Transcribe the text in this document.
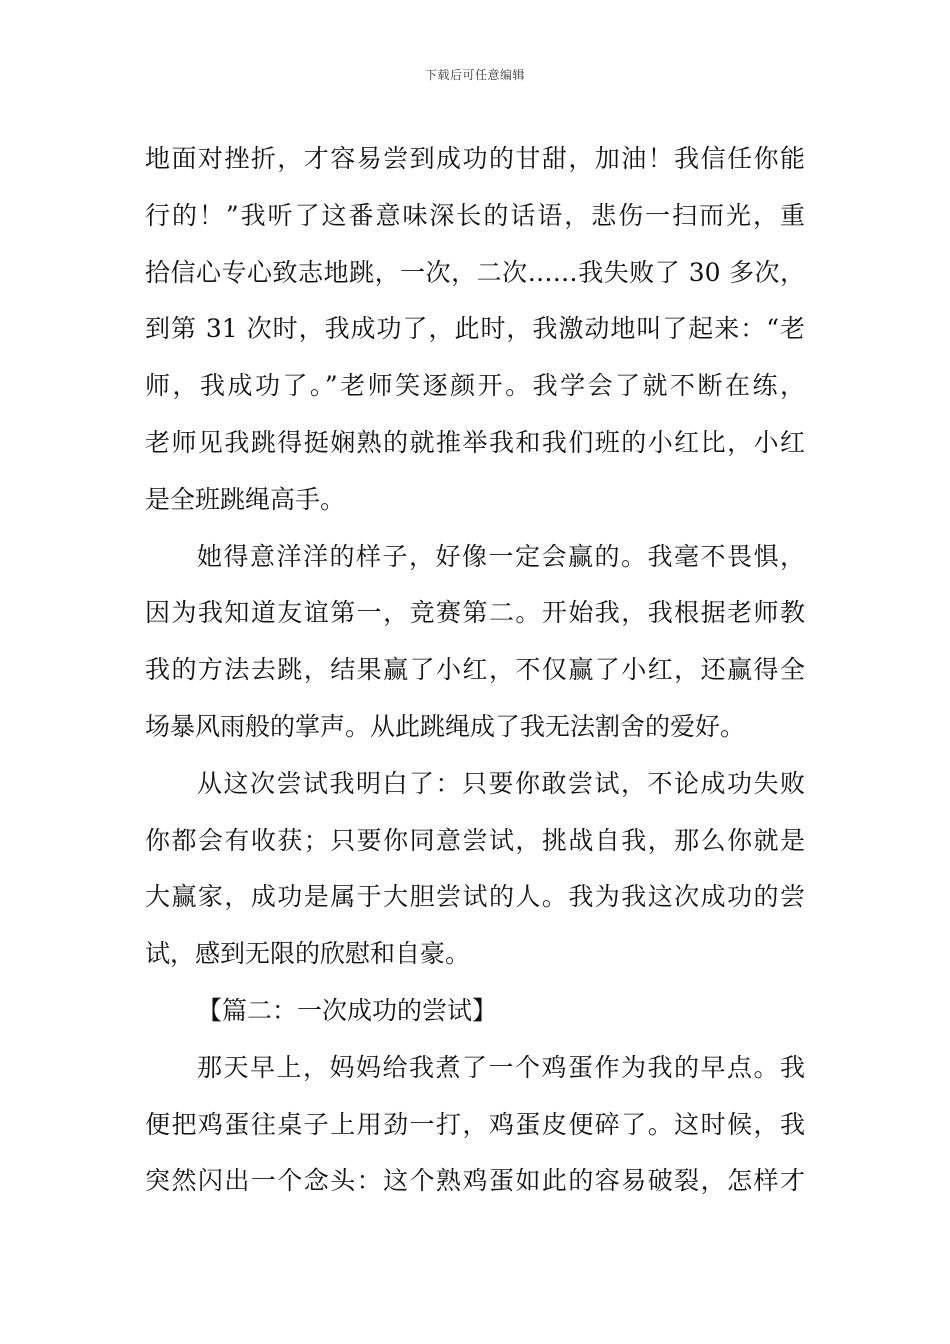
下载后可任意编辑
地面对挫折，才容易尝到成功的甘甜，加油！我信任你能
行的！”我听了这番意味深长的话语，悲伤一扫而光，重
拾信心专心致志地跳，一次，二次……我失败了 30 多次，
到第 31 次时，我成功了，此时，我激动地叫了起来：“老
师，我成功了。”老师笑逐颜开。我学会了就不断在练，
老师见我跳得挺娴熟的就推举我和我们班的小红比，小红
是全班跳绳高手。
她得意洋洋的样子，好像一定会赢的。我毫不畏惧，
因为我知道友谊第一，竞赛第二。开始我，我根据老师教
我的方法去跳，结果赢了小红，不仅赢了小红，还赢得全
场暴风雨般的掌声。从此跳绳成了我无法割舍的爱好。
从这次尝试我明白了：只要你敢尝试，不论成功失败
你都会有收获；只要你同意尝试，挑战自我，那么你就是
大赢家，成功是属于大胆尝试的人。我为我这次成功的尝
试，感到无限的欣慰和自豪。
【篇二：一次成功的尝试】
那天早上，妈妈给我煮了一个鸡蛋作为我的早点。我
便把鸡蛋往桌子上用劲一打，鸡蛋皮便碎了。这时候，我
突然闪出一个念头：这个熟鸡蛋如此的容易破裂，怎样才
